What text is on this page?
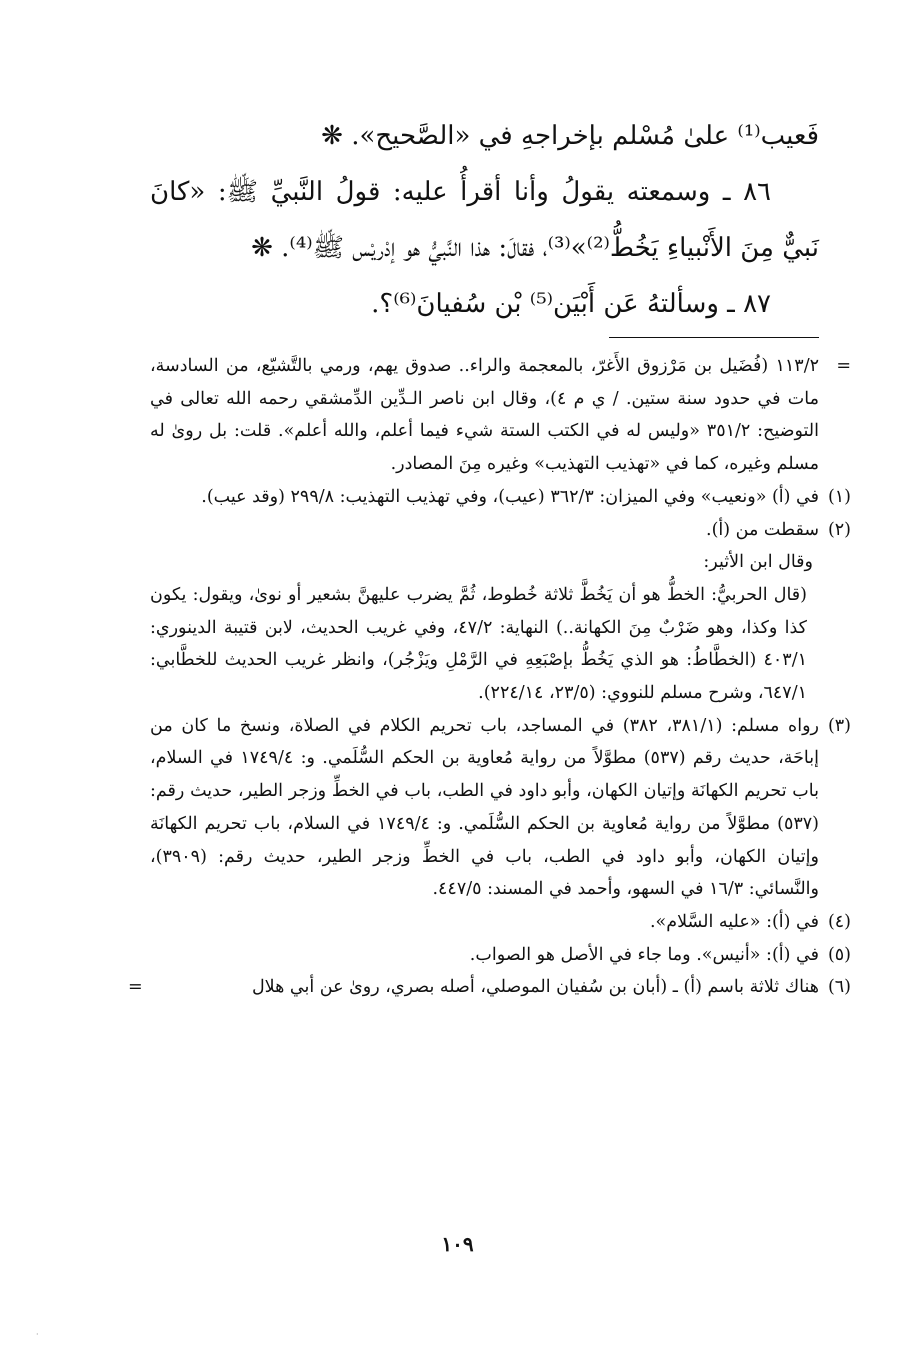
فَعيب⁽¹⁾ علىٰ مُسْلم بإخراجهِ في «الصَّحيح». ❋

٨٦ ـ وسمعته يقولُ وأنا أقرأُ عليه: قولُ النَّبيِّ ﷺ: «كانَ نَبيٌّ مِنَ الأَنْبياءِ يَخُطُّ⁽²⁾»⁽³⁾، فقالَ: هذا النَّبيُّ هو إدْريْس ﷺ⁽⁴⁾. ❋

٨٧ ـ وسألتهُ عَن أَبْيَن⁽⁵⁾ بْن سُفيانَ⁽⁶⁾؟.

=

١١٣/٢ (فُضَيل بن مَرْزوق الأَغرّ، بالمعجمة والراء.. صدوق يهم، ورمي بالتَّشيّع، من السادسة، مات في حدود سنة ستين. / ي م ٤)، وقال ابن ناصر الـدِّين الدِّمشقي رحمه الله تعالى في التوضيح: ٣٥١/٢ «وليس له في الكتب الستة شيء فيما أعلم، والله أعلم». قلت: بل روىٰ له مسلم وغيره، كما في «تهذيب التهذيب» وغيره مِنَ المصادر.

(١)

في (أ) «ونعيب» وفي الميزان: ٣٦٢/٣ (عيب)، وفي تهذيب التهذيب: ٢٩٩/٨ (وقد عيب).

(٢)

سقطت من (أ).

وقال ابن الأثير:

(قال الحربيُّ: الخطُّ هو أن يَخُطَّ ثلاثة خُطوط، ثُمَّ يضرب عليهنَّ بشعير أو نوىٰ، ويقول: يكون كذا وكذا، وهو ضَرْبٌ مِنَ الكهانة..) النهاية: ٤٧/٢، وفي غريب الحديث، لابن قتيبة الدينوري: ٤٠٣/١ (الخطَّاطُ: هو الذي يَخُطُّ بإصْبَعِهِ في الرَّمْلِ ويَزْجُر)، وانظر غريب الحديث للخطَّابي: ٦٤٧/١، وشرح مسلم للنووي: (٢٣/٥، ٢٢٤/١٤).

(٣)

رواه مسلم: (٣٨١/١، ٣٨٢) في المساجد، باب تحريم الكلام في الصلاة، ونسخ ما كان من إباحَة، حديث رقم (٥٣٧) مطوَّلاً من رواية مُعاوية بن الحكم السُّلَمي. و: ١٧٤٩/٤ في السلام، باب تحريم الكهانَة وإتيان الكهان، وأبو داود في الطب، باب في الخطِّ وزجر الطير، حديث رقم: (٥٣٧) مطوَّلاً من رواية مُعاوية بن الحكم السُّلَمي. و: ١٧٤٩/٤ في السلام، باب تحريم الكهانَة وإتيان الكهان، وأبو داود في الطب، باب في الخطِّ وزجر الطير، حديث رقم: (٣٩٠٩)، والنَّسائي: ١٦/٣ في السهو، وأحمد في المسند: ٤٤٧/٥.

(٤)

في (أ): «عليه السَّلام».

(٥)

في (أ): «أنيس». وما جاء في الأصل هو الصواب.

(٦)

هناك ثلاثة باسم (أ) ـ (أبان بن سُفيان الموصلي، أصله بصري، روىٰ عن أبي هلال

=
١٠٩
·
